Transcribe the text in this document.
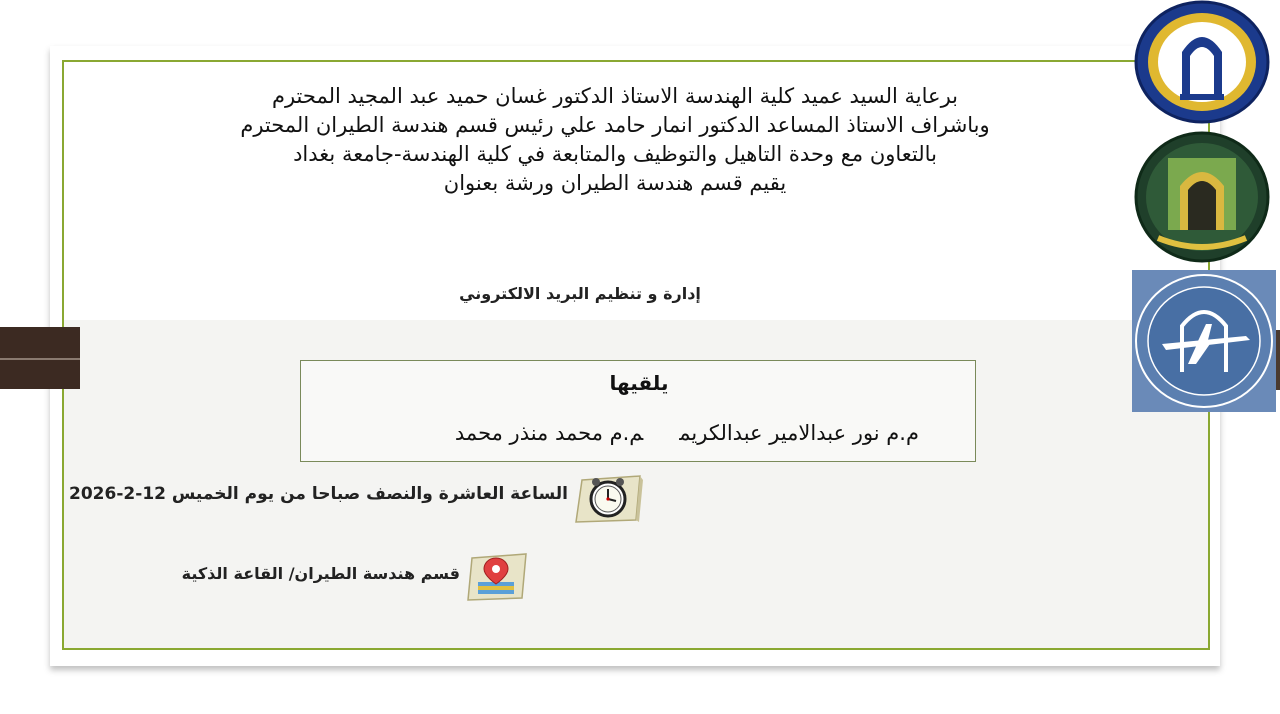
برعاية السيد عميد كلية الهندسة الاستاذ الدكتور غسان حميد عبد المجيد المحترم
وباشراف الاستاذ المساعد الدكتور انمار حامد علي رئيس قسم هندسة الطيران المحترم
بالتعاون مع وحدة التاهيل والتوظيف والمتابعة في كلية الهندسة-جامعة بغداد
يقيم قسم هندسة الطيران ورشة بعنوان
إدارة و تنظيم البريد الالكتروني
يلقيها
م.م نور عبدالامير عبدالكريمم.م محمد منذر محمد
الساعة العاشرة والنصف صباحا من يوم الخميس 12-2-2026
قسم هندسة الطيران/ القاعة الذكية
